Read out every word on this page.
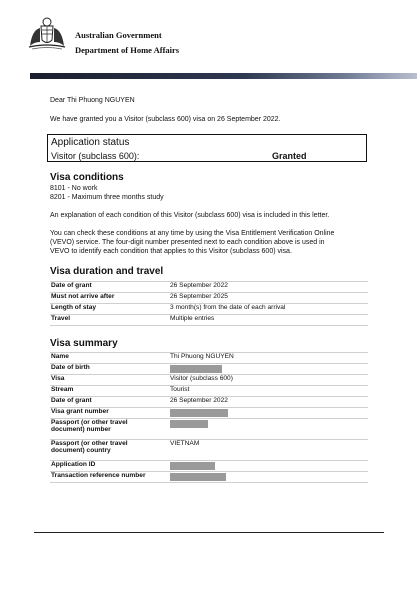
Australian Government
Department of Home Affairs
Dear Thi Phuong NGUYEN
We have granted you a Visitor (subclass 600) visa on 26 September 2022.
Application status
Visitor (subclass 600):	Granted
Visa conditions
8101 - No work
8201 - Maximum three months study
An explanation of each condition of this Visitor (subclass 600) visa is included in this letter.
You can check these conditions at any time by using the Visa Entitlement Verification Online
(VEVO) service. The four-digit number presented next to each condition above is used in
VEVO to identify each condition that applies to this Visitor (subclass 600) visa.
Visa duration and travel
Date of grant	26 September 2022
Must not arrive after	26 September 2025
Length of stay	3 month(s) from the date of each arrival
Travel	Multiple entries
Visa summary
Name	Thi Phuong NGUYEN
Date of birth	
Visa	Visitor (subclass 600)
Stream	Tourist
Date of grant	26 September 2022
Visa grant number	

Passport (or other travel
document) number	

Passport (or other travel
document) country	VIETNAM
Application ID	
Transaction reference number	
